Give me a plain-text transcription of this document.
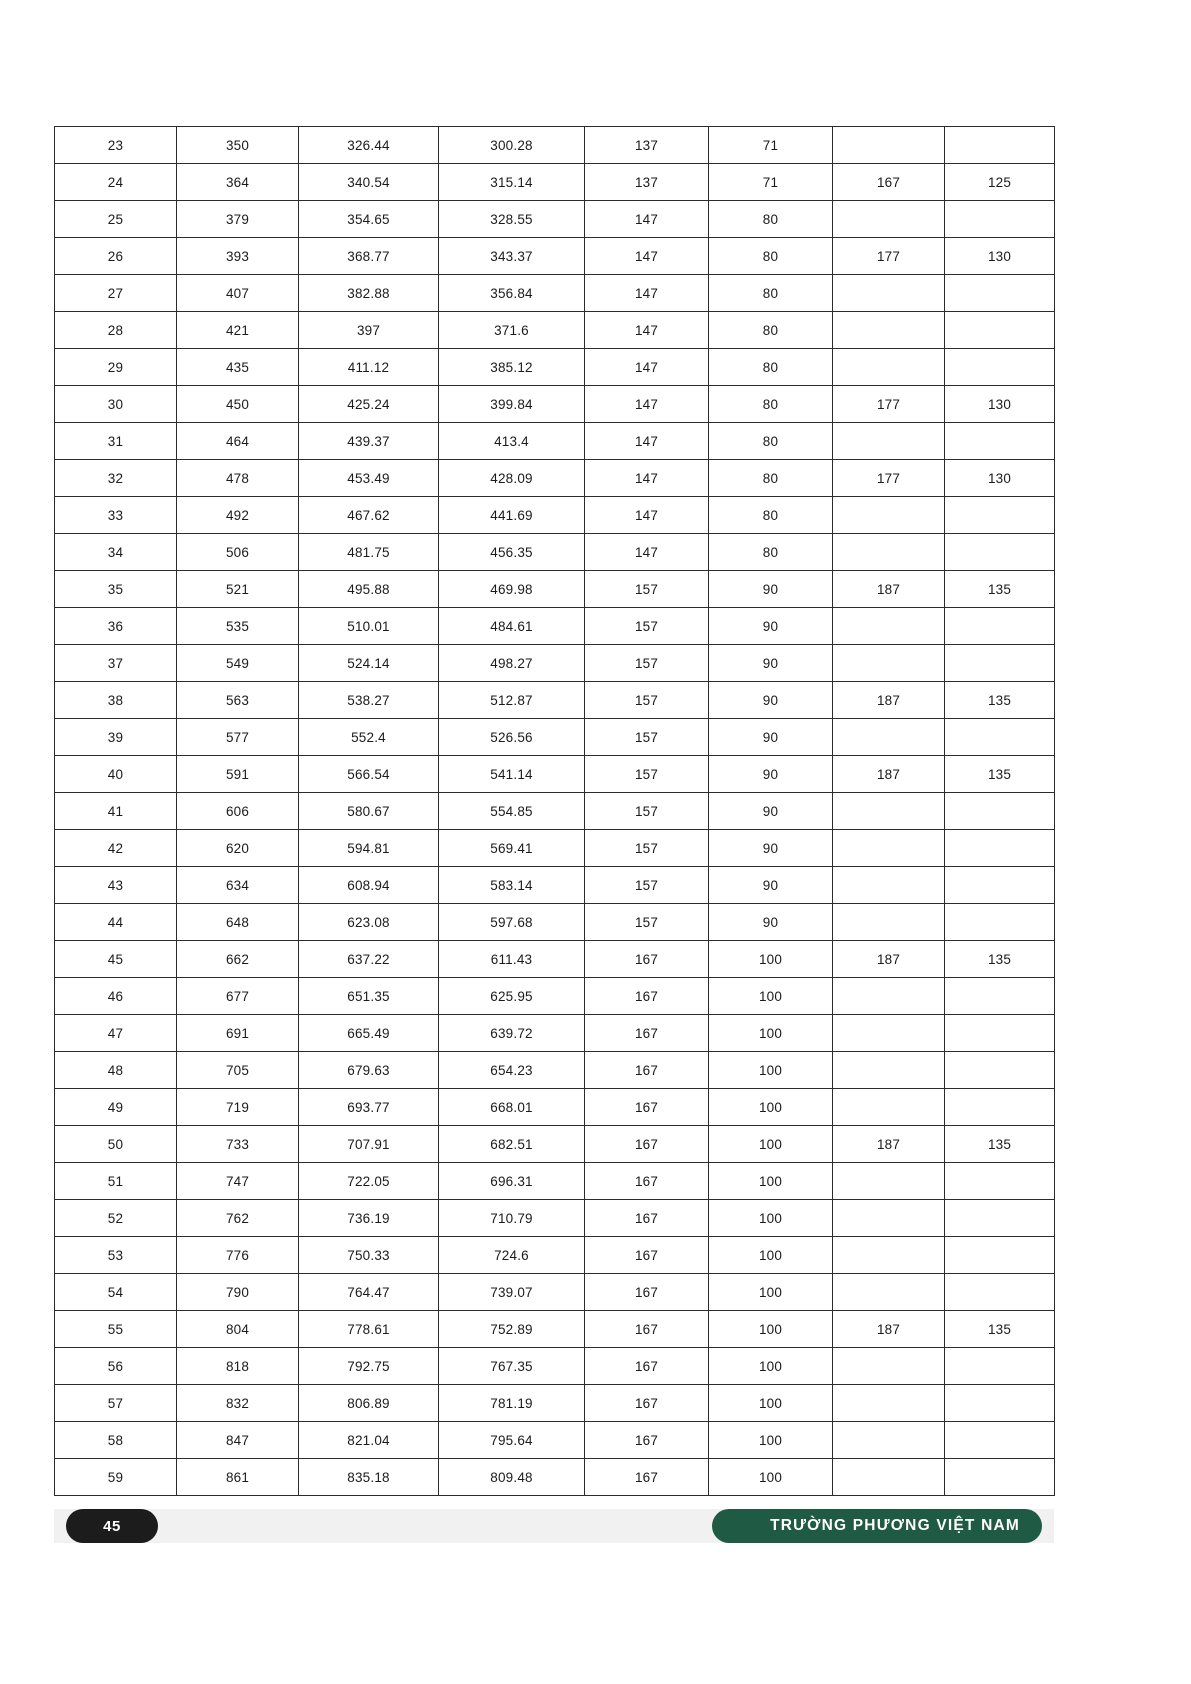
23	350	326.44	300.28	137	71		
24	364	340.54	315.14	137	71	167	125
25	379	354.65	328.55	147	80		
26	393	368.77	343.37	147	80	177	130
27	407	382.88	356.84	147	80		
28	421	397	371.6	147	80		
29	435	411.12	385.12	147	80		
30	450	425.24	399.84	147	80	177	130
31	464	439.37	413.4	147	80		
32	478	453.49	428.09	147	80	177	130
33	492	467.62	441.69	147	80		
34	506	481.75	456.35	147	80		
35	521	495.88	469.98	157	90	187	135
36	535	510.01	484.61	157	90		
37	549	524.14	498.27	157	90		
38	563	538.27	512.87	157	90	187	135
39	577	552.4	526.56	157	90		
40	591	566.54	541.14	157	90	187	135
41	606	580.67	554.85	157	90		
42	620	594.81	569.41	157	90		
43	634	608.94	583.14	157	90		
44	648	623.08	597.68	157	90		
45	662	637.22	611.43	167	100	187	135
46	677	651.35	625.95	167	100		
47	691	665.49	639.72	167	100		
48	705	679.63	654.23	167	100		
49	719	693.77	668.01	167	100		
50	733	707.91	682.51	167	100	187	135
51	747	722.05	696.31	167	100		
52	762	736.19	710.79	167	100		
53	776	750.33	724.6	167	100		
54	790	764.47	739.07	167	100		
55	804	778.61	752.89	167	100	187	135
56	818	792.75	767.35	167	100		
57	832	806.89	781.19	167	100		
58	847	821.04	795.64	167	100		
59	861	835.18	809.48	167	100		
45	TRƯỜNG PHƯƠNG VIỆT NAM
